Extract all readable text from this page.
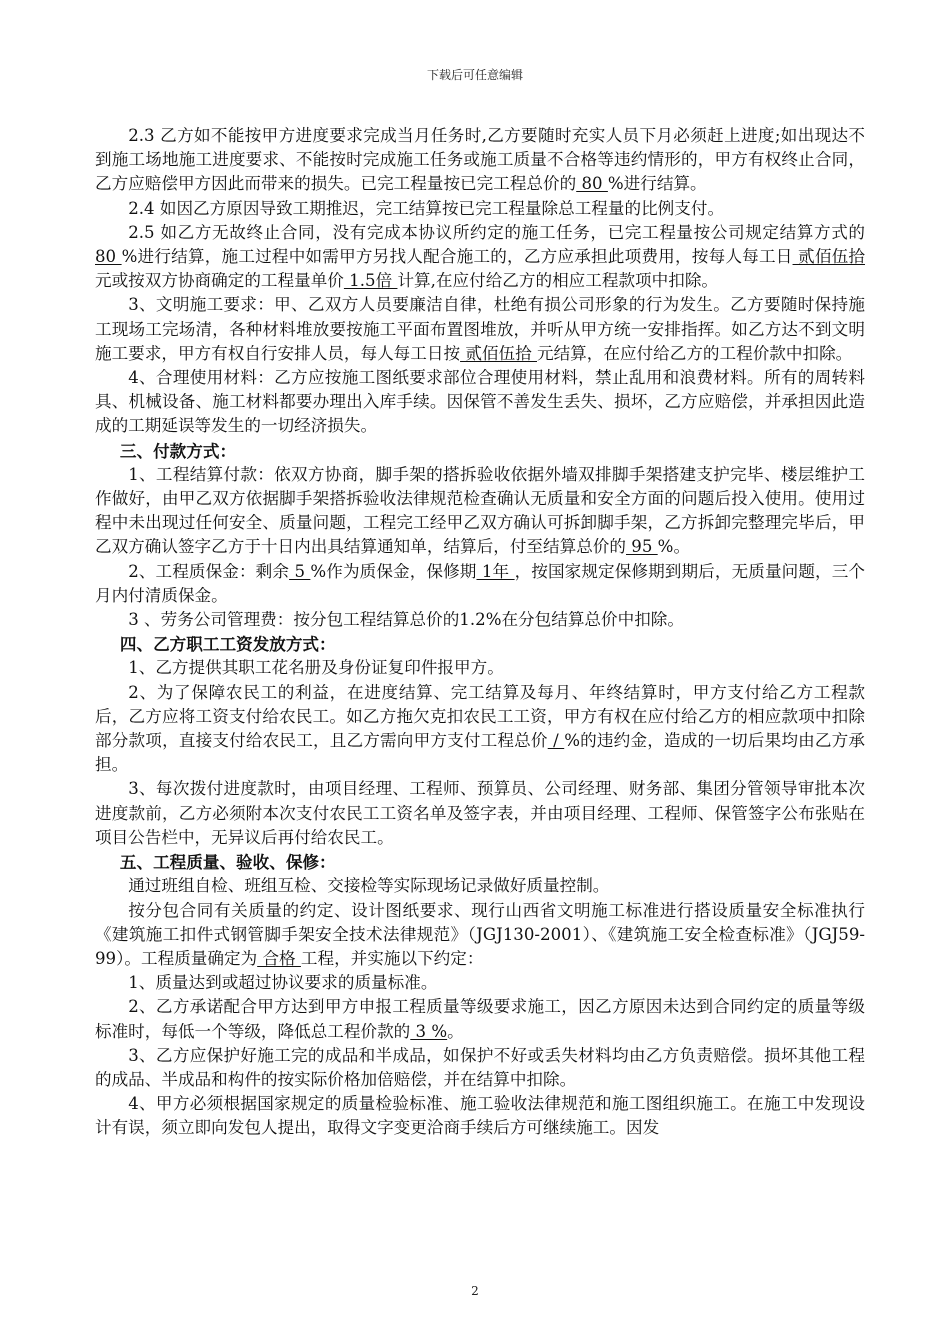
下载后可任意编辑

2.3 乙方如不能按甲方进度要求完成当月任务时,乙方要随时充实人员下月必须赶上进度;如出现达不到施工场地施工进度要求、不能按时完成施工任务或施工质量不合格等违约情形的，甲方有权终止合同，乙方应赔偿甲方因此而带来的损失。已完工程量按已完工程总价的 80 %进行结算。

2.4 如因乙方原因导致工期推迟，完工结算按已完工程量除总工程量的比例支付。

2.5 如乙方无故终止合同，没有完成本协议所约定的施工任务，已完工程量按公司规定结算方式的 80 %进行结算，施工过程中如需甲方另找人配合施工的，乙方应承担此项费用，按每人每工日 贰佰伍拾 元或按双方协商确定的工程量单价 1.5倍 计算,在应付给乙方的相应工程款项中扣除。

3、文明施工要求：甲、乙双方人员要廉洁自律，杜绝有损公司形象的行为发生。乙方要随时保持施工现场工完场清，各种材料堆放要按施工平面布置图堆放，并听从甲方统一安排指挥。如乙方达不到文明施工要求，甲方有权自行安排人员，每人每工日按 贰佰伍拾 元结算，在应付给乙方的工程价款中扣除。

4、合理使用材料：乙方应按施工图纸要求部位合理使用材料，禁止乱用和浪费材料。所有的周转料具、机械设备、施工材料都要办理出入库手续。因保管不善发生丢失、损坏，乙方应赔偿，并承担因此造成的工期延误等发生的一切经济损失。

三、付款方式：

1、工程结算付款：依双方协商，脚手架的搭拆验收依据外墙双排脚手架搭建支护完毕、楼层维护工作做好，由甲乙双方依据脚手架搭拆验收法律规范检查确认无质量和安全方面的问题后投入使用。使用过程中未出现过任何安全、质量问题，工程完工经甲乙双方确认可拆卸脚手架，乙方拆卸完整理完毕后，甲乙双方确认签字乙方于十日内出具结算通知单，结算后，付至结算总价的 95 %。

2、工程质保金：剩余 5 %作为质保金，保修期 1年 ，按国家规定保修期到期后，无质量问题，三个月内付清质保金。

3 、劳务公司管理费：按分包工程结算总价的1.2%在分包结算总价中扣除。

四、乙方职工工资发放方式：

1、乙方提供其职工花名册及身份证复印件报甲方。

2、为了保障农民工的利益，在进度结算、完工结算及每月、年终结算时，甲方支付给乙方工程款后，乙方应将工资支付给农民工。如乙方拖欠克扣农民工工资，甲方有权在应付给乙方的相应款项中扣除部分款项，直接支付给农民工，且乙方需向甲方支付工程总价 / %的违约金，造成的一切后果均由乙方承担。

3、每次拨付进度款时，由项目经理、工程师、预算员、公司经理、财务部、集团分管领导审批本次进度款前，乙方必须附本次支付农民工工资名单及签字表，并由项目经理、工程师、保管签字公布张贴在项目公告栏中，无异议后再付给农民工。

五、工程质量、验收、保修：

通过班组自检、班组互检、交接检等实际现场记录做好质量控制。

按分包合同有关质量的约定、设计图纸要求、现行山西省文明施工标准进行搭设质量安全标准执行《建筑施工扣件式钢管脚手架安全技术法律规范》（JGJ130-2001）、《建筑施工安全检查标准》（JGJ59-99）。工程质量确定为 合格 工程，并实施以下约定：

1、质量达到或超过协议要求的质量标准。

2、乙方承诺配合甲方达到甲方申报工程质量等级要求施工，因乙方原因未达到合同约定的质量等级标准时，每低一个等级，降低总工程价款的 3 %。

3、乙方应保护好施工完的成品和半成品，如保护不好或丢失材料均由乙方负责赔偿。损坏其他工程的成品、半成品和构件的按实际价格加倍赔偿，并在结算中扣除。

4、甲方必须根据国家规定的质量检验标准、施工验收法律规范和施工图组织施工。在施工中发现设计有误，须立即向发包人提出，取得文字变更洽商手续后方可继续施工。因发

2
